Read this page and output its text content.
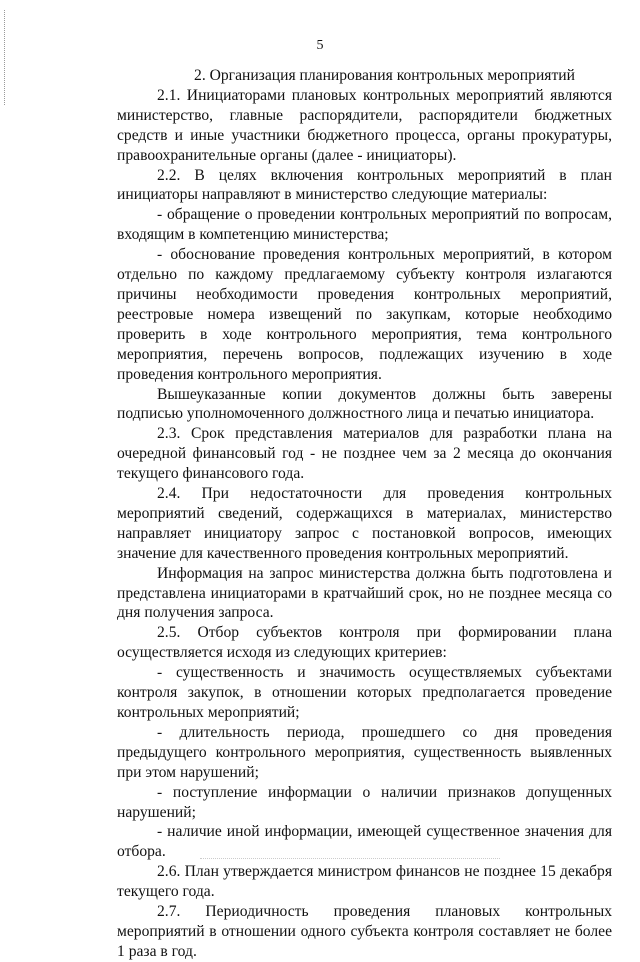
5

2. Организация планирования контрольных мероприятий

2.1. Инициаторами плановых контрольных мероприятий являются министерство, главные распорядители, распорядители бюджетных средств и иные участники бюджетного процесса, органы прокуратуры, правоохранительные органы (далее - инициаторы).

2.2. В целях включения контрольных мероприятий в план инициаторы направляют в министерство следующие материалы:

- обращение о проведении контрольных мероприятий по вопросам, входящим в компетенцию министерства;

- обоснование проведения контрольных мероприятий, в котором отдельно по каждому предлагаемому субъекту контроля излагаются причины необходимости проведения контрольных мероприятий, реестровые номера извещений по закупкам, которые необходимо проверить в ходе контрольного мероприятия, тема контрольного мероприятия, перечень вопросов, подлежащих изучению в ходе проведения контрольного мероприятия.

Вышеуказанные копии документов должны быть заверены подписью уполномоченного должностного лица и печатью инициатора.

2.3. Срок представления материалов для разработки плана на очередной финансовый год - не позднее чем за 2 месяца до окончания текущего финансового года.

2.4. При недостаточности для проведения контрольных мероприятий сведений, содержащихся в материалах, министерство направляет инициатору запрос с постановкой вопросов, имеющих значение для качественного проведения контрольных мероприятий.

Информация на запрос министерства должна быть подготовлена и представлена инициаторами в кратчайший срок, но не позднее месяца со дня получения запроса.

2.5. Отбор субъектов контроля при формировании плана осуществляется исходя из следующих критериев:

- существенность и значимость осуществляемых субъектами контроля закупок, в отношении которых предполагается проведение контрольных мероприятий;

- длительность периода, прошедшего со дня проведения предыдущего контрольного мероприятия, существенность выявленных при этом нарушений;

- поступление информации о наличии признаков допущенных нарушений;

- наличие иной информации, имеющей существенное значения для отбора.

2.6. План утверждается министром финансов не позднее 15 декабря текущего года.

2.7. Периодичность проведения плановых контрольных мероприятий в отношении одного субъекта контроля составляет не более 1 раза в год.
